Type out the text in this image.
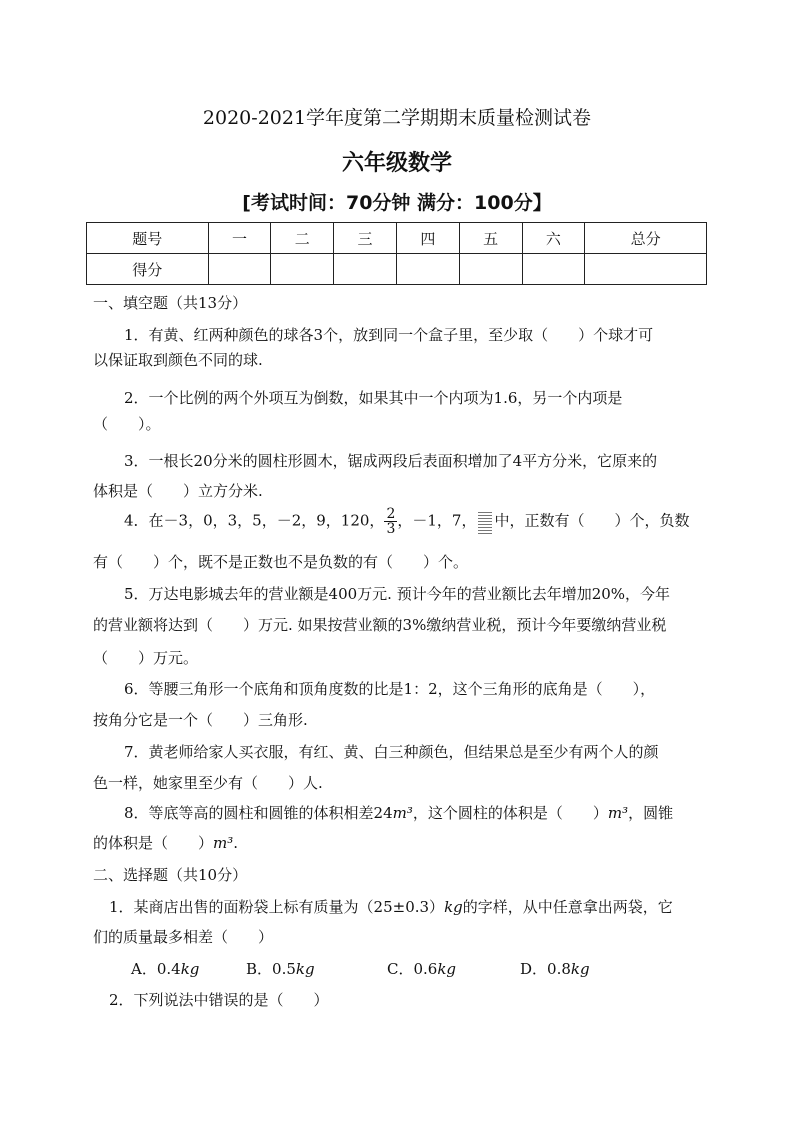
2020-2021学年度第二学期期末质量检测试卷
六年级数学
[考试时间：70分钟 满分：100分】
题号	一	二	三	四	五	六	总分
得分							
一、填空题（共13分）
1．有黄、红两种颜色的球各3个，放到同一个盒子里，至少取（　　）个球才可
以保证取到颜色不同的球.
2．一个比例的两个外项互为倒数，如果其中一个内项为1.6，另一个内项是
（　　）。
3．一根长20分米的圆柱形圆木，锯成两段后表面积增加了4平方分米，它原来的
体积是（　　）立方分米.
4．在－3，0，3，5，－2，9，120， $\frac{2}{3}$ ，－1，7， 中，正数有（　　）个，负数
有（　　）个，既不是正数也不是负数的有（　　）个。
5．万达电影城去年的营业额是400万元. 预计今年的营业额比去年增加20%，今年
的营业额将达到（　　）万元. 如果按营业额的3%缴纳营业税，预计今年要缴纳营业税
（　　）万元。
6．等腰三角形一个底角和顶角度数的比是1：2，这个三角形的底角是（　　），
按角分它是一个（　　）三角形.
7．黄老师给家人买衣服，有红、黄、白三种颜色，但结果总是至少有两个人的颜
色一样，她家里至少有（　　）人.
8．等底等高的圆柱和圆锥的体积相差24m³，这个圆柱的体积是（　　）m³，圆锥
的体积是（　　）m³.
二、选择题（共10分）
1．某商店出售的面粉袋上标有质量为（25±0.3）kg的字样，从中任意拿出两袋，它
们的质量最多相差（　　）
A．0.4kg	B．0.5kg	C．0.6kg	D．0.8kg
2．下列说法中错误的是（　　）
